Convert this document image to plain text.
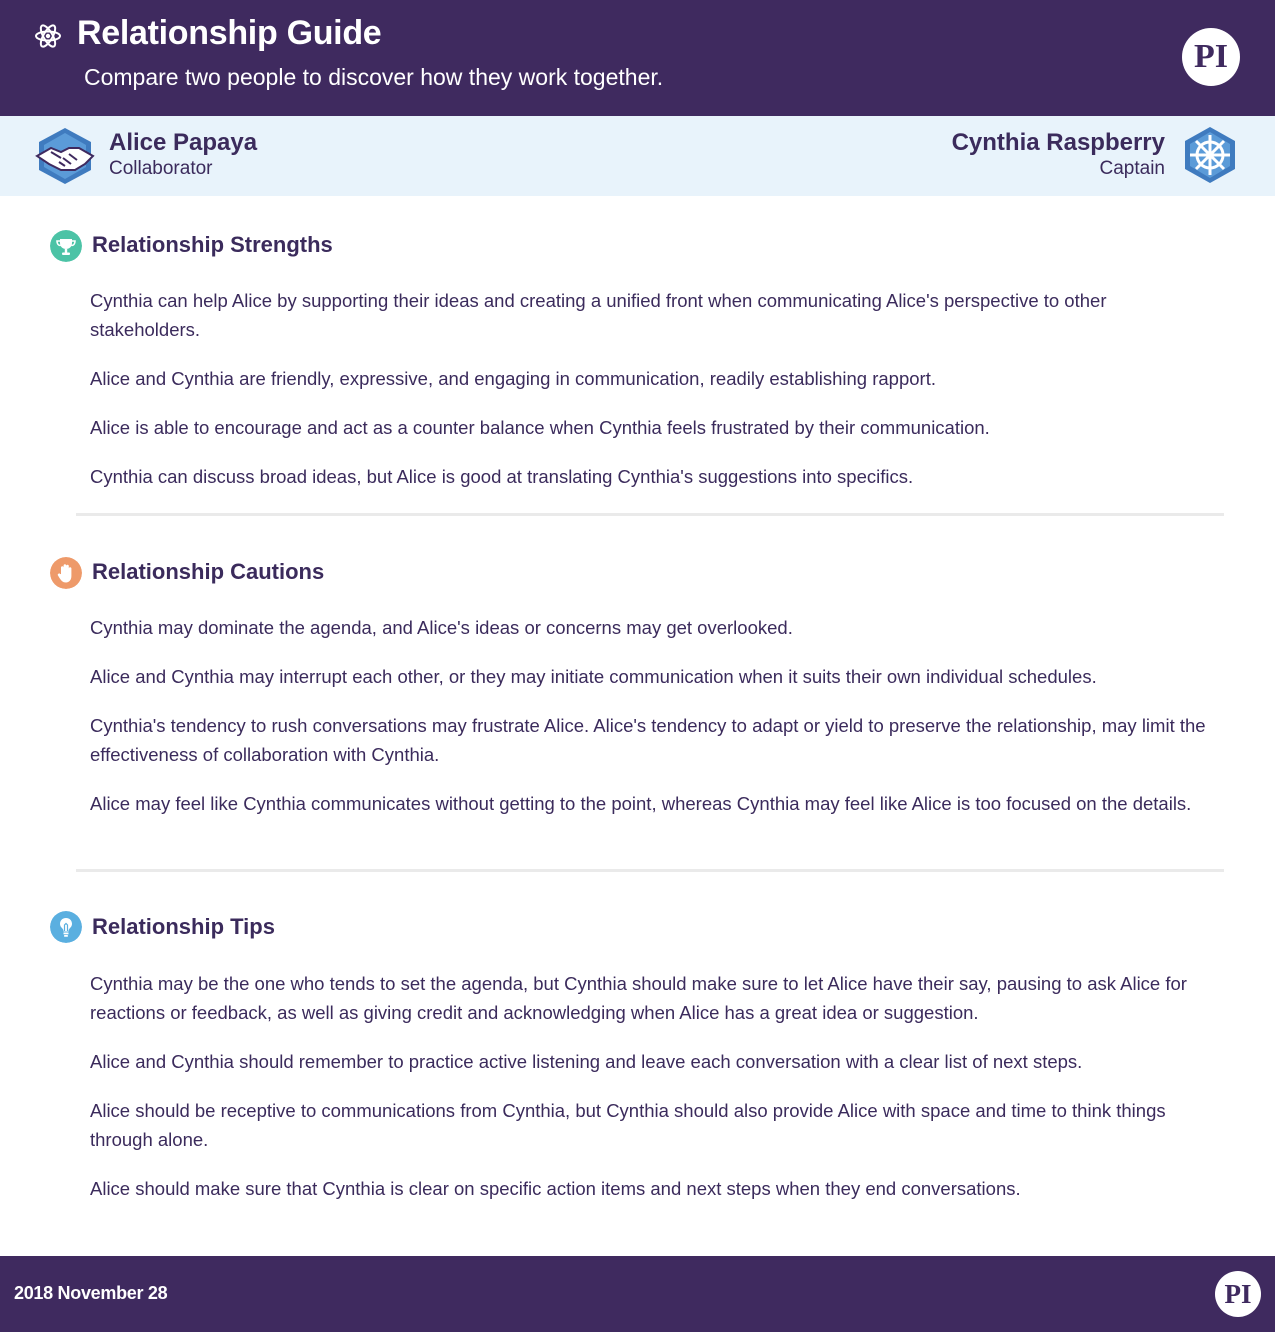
Relationship Guide
Compare two people to discover how they work together.
PI
Alice Papaya
Collaborator
Cynthia Raspberry
Captain
Relationship Strengths

Cynthia can help Alice by supporting their ideas and creating a unified front when communicating Alice's perspective to other stakeholders.

Alice and Cynthia are friendly, expressive, and engaging in communication, readily establishing rapport.

Alice is able to encourage and act as a counter balance when Cynthia feels frustrated by their communication.

Cynthia can discuss broad ideas, but Alice is good at translating Cynthia's suggestions into specifics.

Relationship Cautions

Cynthia may dominate the agenda, and Alice's ideas or concerns may get overlooked.

Alice and Cynthia may interrupt each other, or they may initiate communication when it suits their own individual schedules.

Cynthia's tendency to rush conversations may frustrate Alice. Alice's tendency to adapt or yield to preserve the relationship, may limit the effectiveness of collaboration with Cynthia.

Alice may feel like Cynthia communicates without getting to the point, whereas Cynthia may feel like Alice is too focused on the details.

Relationship Tips

Cynthia may be the one who tends to set the agenda, but Cynthia should make sure to let Alice have their say, pausing to ask Alice for reactions or feedback, as well as giving credit and acknowledging when Alice has a great idea or suggestion.

Alice and Cynthia should remember to practice active listening and leave each conversation with a clear list of next steps.

Alice should be receptive to communications from Cynthia, but Cynthia should also provide Alice with space and time to think things through alone.

Alice should make sure that Cynthia is clear on specific action items and next steps when they end conversations.

2018 November 28	PI
